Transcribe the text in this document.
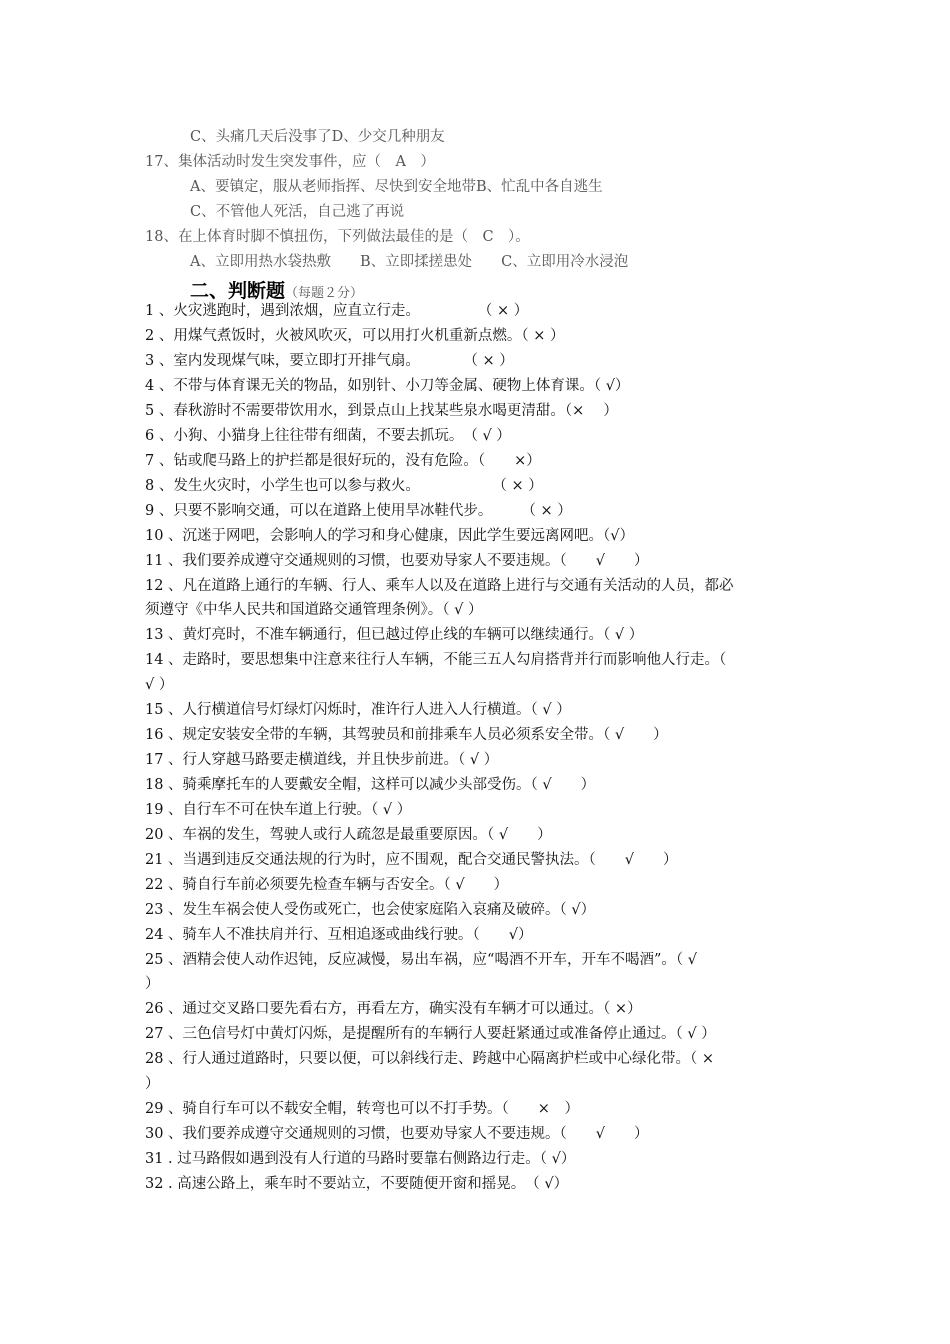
C、头痛几天后没事了D、少交几种朋友
17、集体活动时发生突发事件，应（　A　）
A、要镇定，服从老师指挥、尽快到安全地带B、忙乱中各自逃生
C、不管他人死活，自己逃了再说
18、在上体育时脚不慎扭伤，下列做法最佳的是（　C　）。
A、立即用热水袋热敷　　B、立即揉搓患处　　C、立即用冷水浸泡
二、判断题（每题２分）
1 、火灾逃跑时，遇到浓烟，应直立行走。　　　　　（ × ）
2 、用煤气煮饭时，火被风吹灭，可以用打火机重新点燃。（ × ）
3 、室内发现煤气味，要立即打开排气扇。　　　　（ × ）
4 、不带与体育课无关的物品，如别针、小刀等金属、硬物上体育课。（ √）
5 、春秋游时不需要带饮用水，到景点山上找某些泉水喝更清甜。（×　 ）
6 、小狗、小猫身上往往带有细菌，不要去抓玩。　（ √ ）
7 、钻或爬马路上的护拦都是很好玩的，没有危险。（　　×）
8 、发生火灾时，小学生也可以参与救火。　　　　　　（ × ）
9 、只要不影响交通，可以在道路上使用旱冰鞋代步。　　　（ × ）
10 、沉迷于网吧，会影响人的学习和身心健康，因此学生要远离网吧。（√）
11 、我们要养成遵守交通规则的习惯，也要劝导家人不要违规。（　　√　　）
12 、凡在道路上通行的车辆、行人、乘车人以及在道路上进行与交通有关活动的人员，都必
须遵守《中华人民共和国道路交通管理条例》。（ √ ）
13 、黄灯亮时，不准车辆通行，但已越过停止线的车辆可以继续通行。（ √ ）
14 、走路时，要思想集中注意来往行人车辆，不能三五人勾肩搭背并行而影响他人行走。（
√ ）
15 、人行横道信号灯绿灯闪烁时，准许行人进入人行横道。（ √ ）
16 、规定安装安全带的车辆，其驾驶员和前排乘车人员必须系安全带。（ √　　）
17 、行人穿越马路要走横道线，并且快步前进。（ √ ）
18 、骑乘摩托车的人要戴安全帽，这样可以减少头部受伤。（ √　　）
19 、自行车不可在快车道上行驶。（ √ ）
20 、车祸的发生，驾驶人或行人疏忽是最重要原因。（ √　　）
21 、当遇到违反交通法规的行为时，应不围观，配合交通民警执法。（　　√　　）
22 、骑自行车前必须要先检查车辆与否安全。（ √　　）
23 、发生车祸会使人受伤或死亡，也会使家庭陷入哀痛及破碎。（ √）
24 、骑车人不准扶肩并行、互相追逐或曲线行驶。（　　√）
25 、酒精会使人动作迟钝，反应减慢，易出车祸，应“喝酒不开车，开车不喝酒”。（ √
）
26 、通过交叉路口要先看右方，再看左方，确实没有车辆才可以通过。（ ×）
27 、三色信号灯中黄灯闪烁，是提醒所有的车辆行人要赶紧通过或准备停止通过。（ √ ）
28 、行人通过道路时，只要以便，可以斜线行走、跨越中心隔离护栏或中心绿化带。（ ×
）
29 、骑自行车可以不载安全帽，转弯也可以不打手势。（　　×　）
30 、我们要养成遵守交通规则的习惯，也要劝导家人不要违规。（　　√　　）
31 . 过马路假如遇到没有人行道的马路时要靠右侧路边行走。（ √）
32 . 高速公路上，乘车时不要站立，不要随便开窗和摇晃。　（ √）
